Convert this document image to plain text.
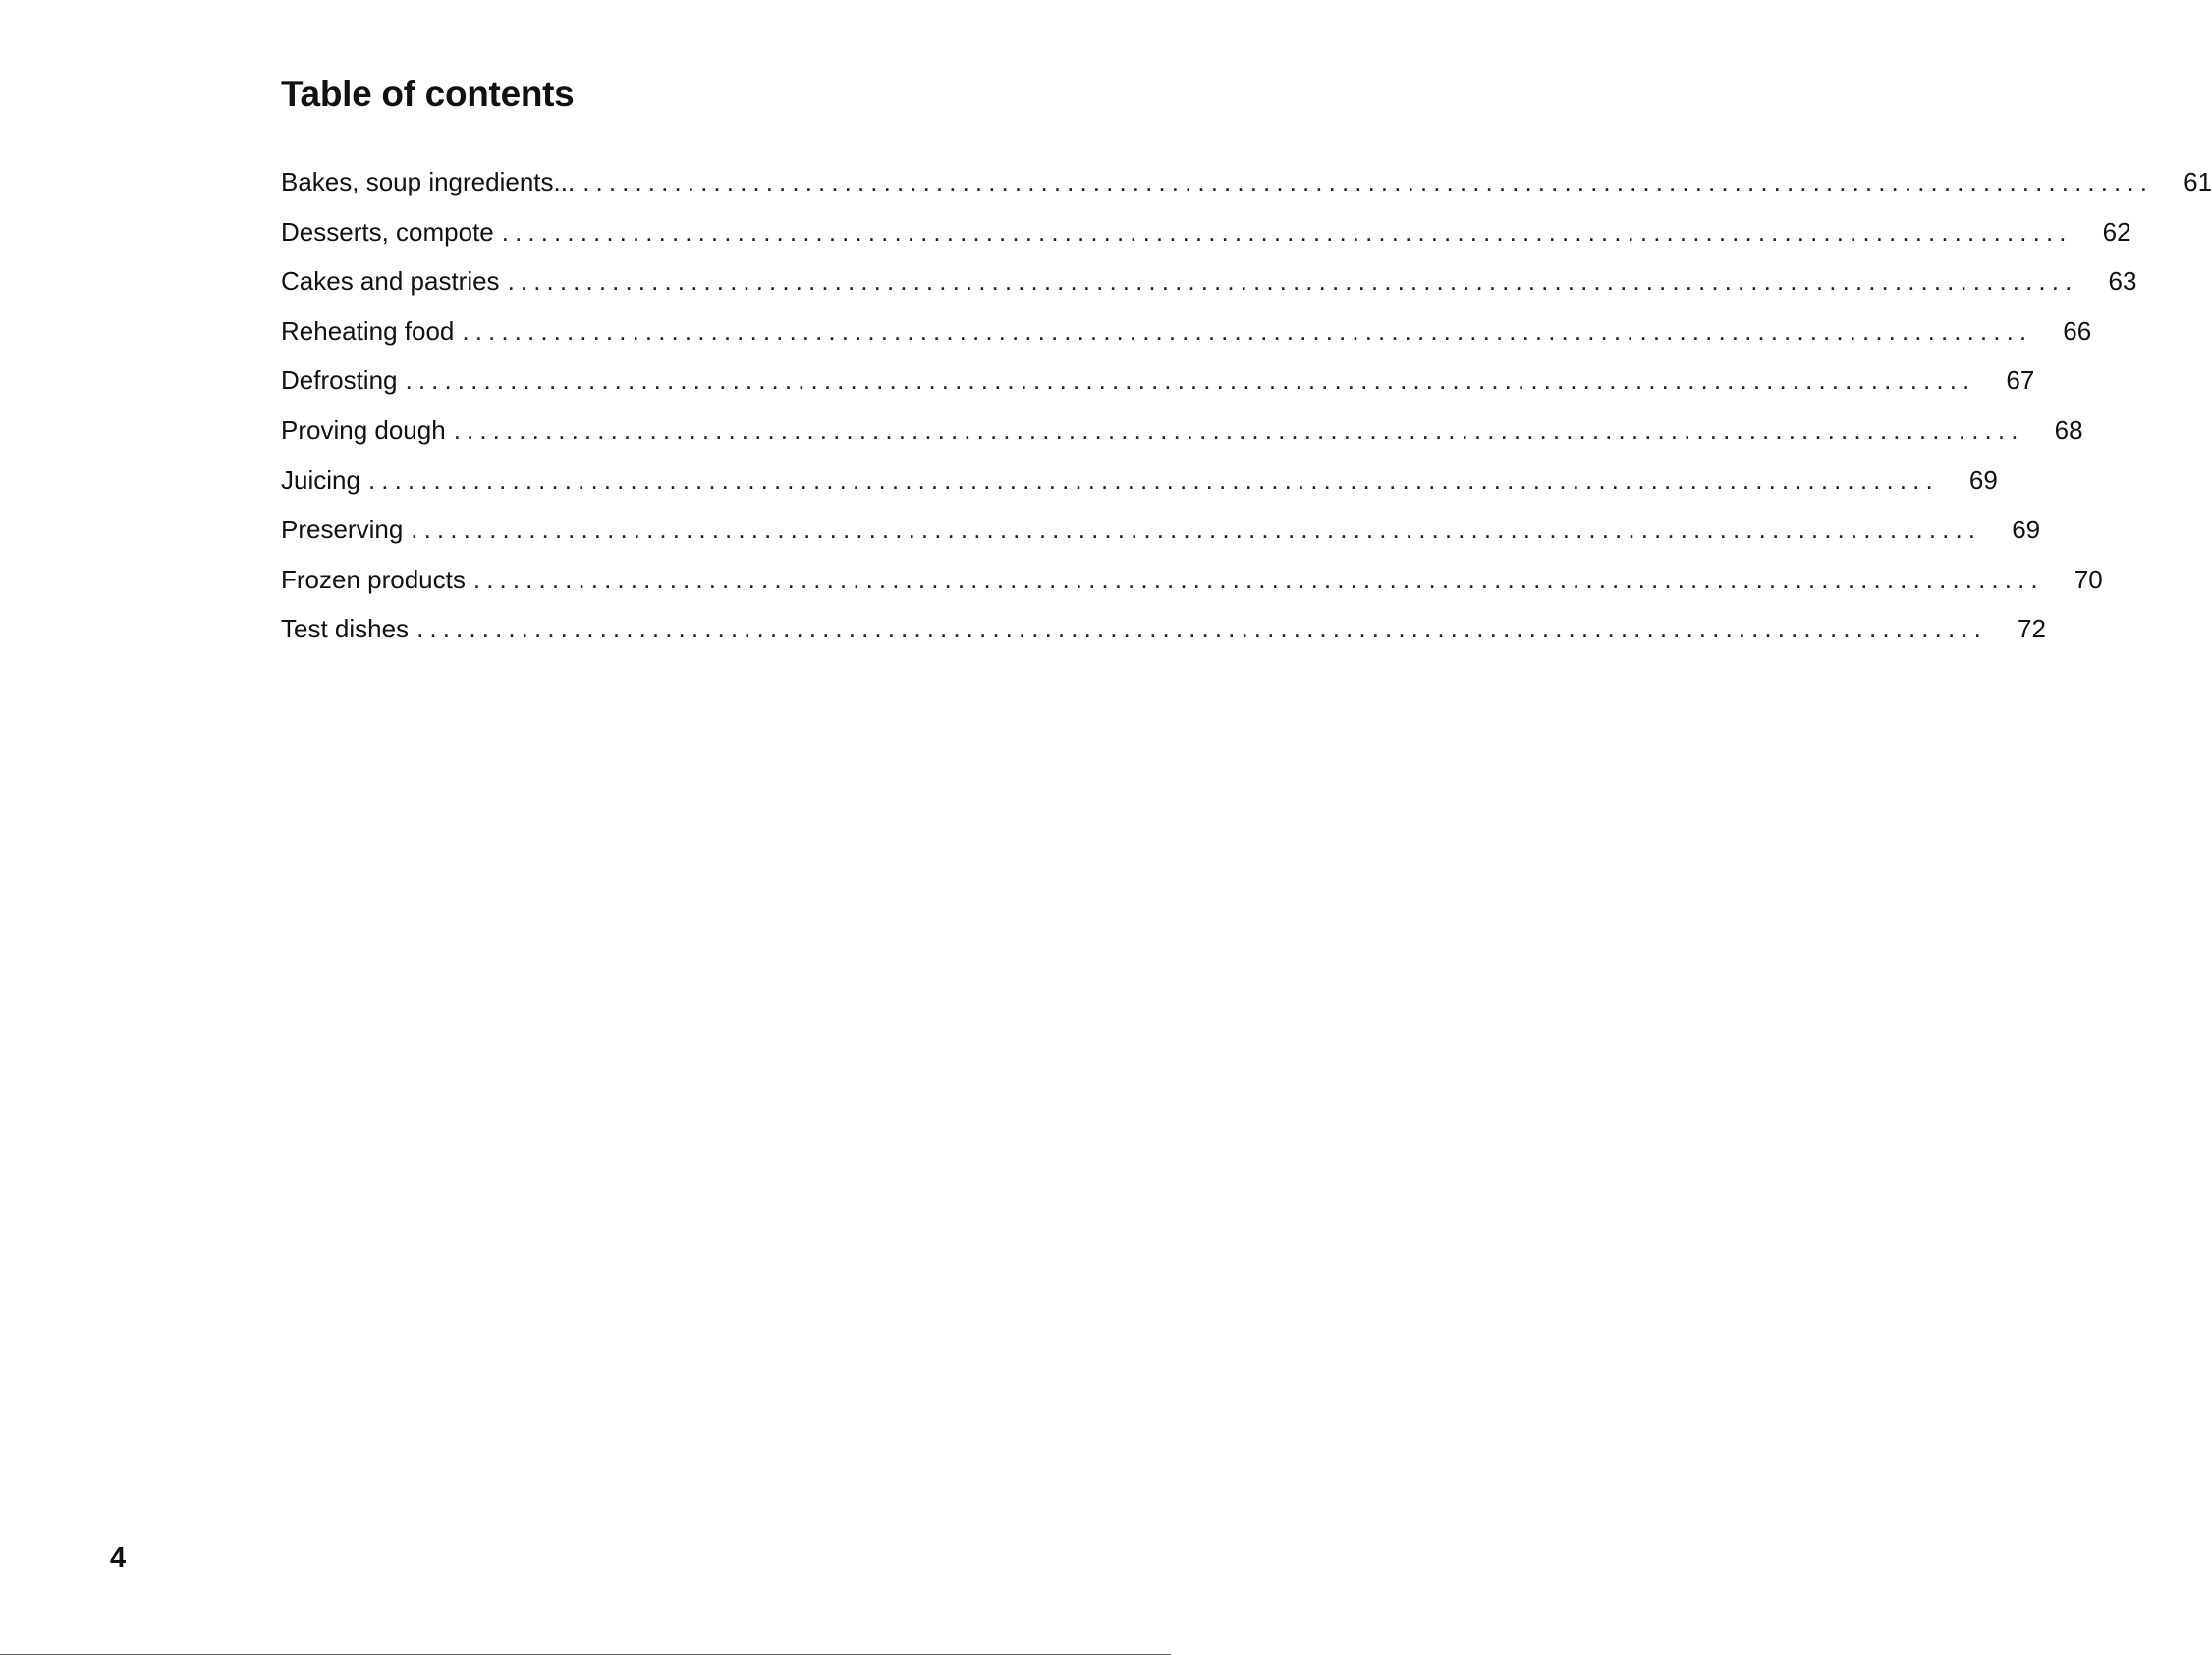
Table of contents
Bakes, soup ingredients... ........................................................................................................................	61
Desserts, compote ........................................................................................................................	62
Cakes and pastries ........................................................................................................................	63
Reheating food ........................................................................................................................	66
Defrosting ........................................................................................................................	67
Proving dough ........................................................................................................................	68
Juicing ........................................................................................................................	69
Preserving ........................................................................................................................	69
Frozen products ........................................................................................................................	70
Test dishes ........................................................................................................................	72
4
